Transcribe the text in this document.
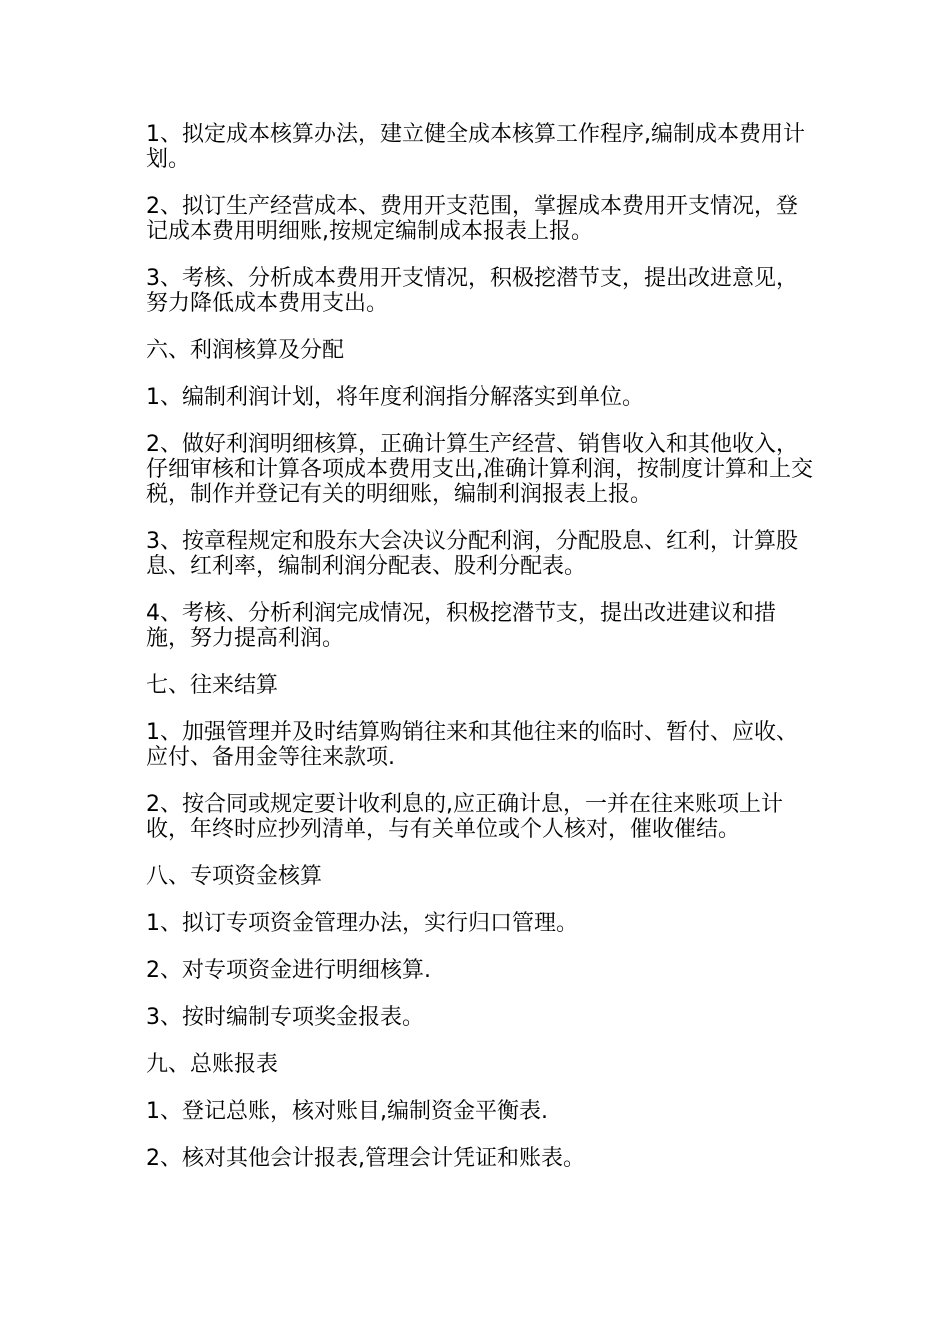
1、拟定成本核算办法，建立健全成本核算工作程序,编制成本费用计划。

2、拟订生产经营成本、费用开支范围，掌握成本费用开支情况，登记成本费用明细账,按规定编制成本报表上报。

3、考核、分析成本费用开支情况，积极挖潜节支，提出改进意见，努力降低成本费用支出。

六、利润核算及分配

1、编制利润计划，将年度利润指分解落实到单位。

2、做好利润明细核算，正确计算生产经营、销售收入和其他收入，仔细审核和计算各项成本费用支出,准确计算利润，按制度计算和上交税，制作并登记有关的明细账，编制利润报表上报。

3、按章程规定和股东大会决议分配利润，分配股息、红利，计算股息、红利率，编制利润分配表、股利分配表。

4、考核、分析利润完成情况，积极挖潜节支，提出改进建议和措施，努力提高利润。

七、往来结算

1、加强管理并及时结算购销往来和其他往来的临时、暂付、应收、应付、备用金等往来款项.

2、按合同或规定要计收利息的,应正确计息，一并在往来账项上计收，年终时应抄列清单，与有关单位或个人核对，催收催结。

八、专项资金核算

1、拟订专项资金管理办法，实行归口管理。

2、对专项资金进行明细核算.

3、按时编制专项奖金报表。

九、总账报表

1、登记总账，核对账目,编制资金平衡表.

2、核对其他会计报表,管理会计凭证和账表。
